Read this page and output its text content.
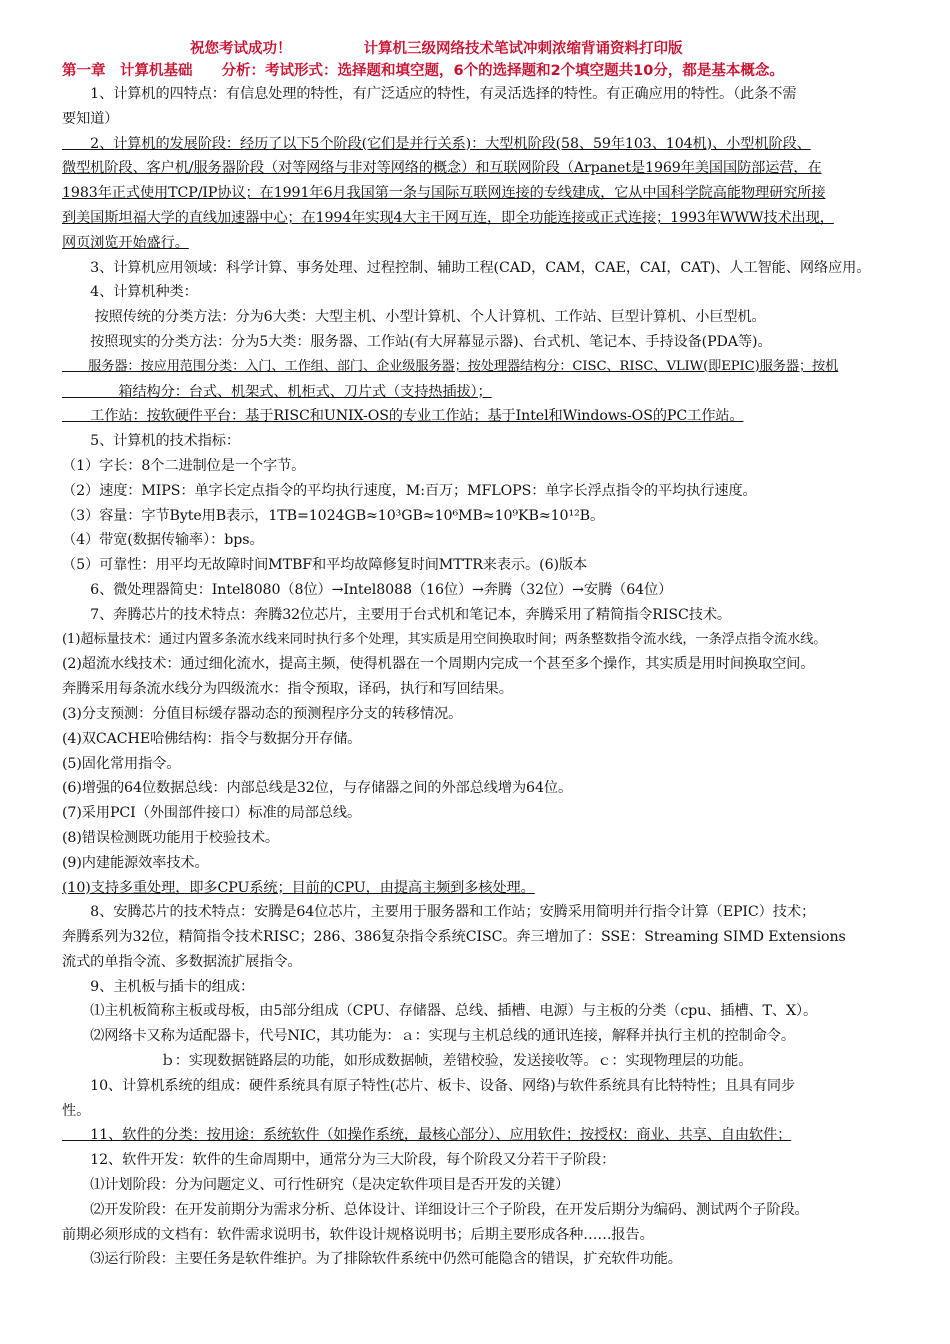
祝您考试成功！	计算机三级网络技术笔试冲刺浓缩背诵资料打印版
第一章　计算机基础　　分析：考试形式：选择题和填空题，6个的选择题和2个填空题共10分，都是基本概念。

　　1、计算机的四特点：有信息处理的特性，有广泛适应的特性，有灵活选择的特性。有正确应用的特性。（此条不需

要知道）

　　2、计算机的发展阶段：经历了以下5个阶段(它们是并行关系)：大型机阶段(58、59年103、104机)、小型机阶段、

微型机阶段、客户机/服务器阶段（对等网络与非对等网络的概念）和互联网阶段（Arpanet是1969年美国国防部运营，在

1983年正式使用TCP/IP协议；在1991年6月我国第一条与国际互联网连接的专线建成，它从中国科学院高能物理研究所接

到美国斯坦福大学的直线加速器中心；在1994年实现4大主干网互连，即全功能连接或正式连接；1993年WWW技术出现，

网页浏览开始盛行。

　　3、计算机应用领域：科学计算、事务处理、过程控制、辅助工程(CAD，CAM，CAE，CAI，CAT)、人工智能、网络应用。

　　4、计算机种类：

　　 按照传统的分类方法：分为6大类：大型主机、小型计算机、个人计算机、工作站、巨型计算机、小巨型机。

　　按照现实的分类方法：分为5大类：服务器、工作站(有大屏幕显示器)、台式机、笔记本、手持设备(PDA等)。

　　服务器：按应用范围分类：入门、工作组、部门、企业级服务器；按处理器结构分：CISC、RISC、VLIW(即EPIC)服务器；按机

　　　　箱结构分：台式、机架式、机柜式、刀片式（支持热插拔）；

　　工作站：按软硬件平台：基于RISC和UNIX-OS的专业工作站；基于Intel和Windows-OS的PC工作站。

　　5、计算机的技术指标：

（1）字长：8个二进制位是一个字节。

（2）速度：MIPS：单字长定点指令的平均执行速度，M:百万；MFLOPS：单字长浮点指令的平均执行速度。

（3）容量：字节Byte用B表示，1TB=1024GB≈10³GB≈10⁶MB≈10⁹KB≈10¹²B。

（4）带宽(数据传输率）：bps。

（5）可靠性：用平均无故障时间MTBF和平均故障修复时间MTTR来表示。(6)版本

　　6、微处理器简史：Intel8080（8位）→Intel8088（16位）→奔腾（32位）→安腾（64位）

　　7、奔腾芯片的技术特点：奔腾32位芯片，主要用于台式机和笔记本，奔腾采用了精简指令RISC技术。

(1)超标量技术：通过内置多条流水线来同时执行多个处理，其实质是用空间换取时间；两条整数指令流水线，一条浮点指令流水线。

(2)超流水线技术：通过细化流水，提高主频，使得机器在一个周期内完成一个甚至多个操作，其实质是用时间换取空间。

奔腾采用每条流水线分为四级流水：指令预取，译码，执行和写回结果。

(3)分支预测：分值目标缓存器动态的预测程序分支的转移情况。

(4)双CACHE哈佛结构：指令与数据分开存储。

(5)固化常用指令。

(6)增强的64位数据总线：内部总线是32位，与存储器之间的外部总线增为64位。

(7)采用PCI（外围部件接口）标准的局部总线。

(8)错误检测既功能用于校验技术。

(9)内建能源效率技术。

(10)支持多重处理，即多CPU系统；目前的CPU，由提高主频到多核处理。

　　8、安腾芯片的技术特点：安腾是64位芯片，主要用于服务器和工作站；安腾采用简明并行指令计算（EPIC）技术；

奔腾系列为32位，精简指令技术RISC；286、386复杂指令系统CISC。奔三增加了：SSE：Streaming SIMD Extensions

流式的单指令流、多数据流扩展指令。

　　9、主机板与插卡的组成：

　　⑴主机板简称主板或母板，由5部分组成（CPU、存储器、总线、插槽、电源）与主板的分类（cpu、插槽、T、X）。

　　⑵网络卡又称为适配器卡，代号NIC，其功能为：ａ：实现与主机总线的通讯连接，解释并执行主机的控制命令。

　　　　　　　ｂ：实现数据链路层的功能，如形成数据帧，差错校验，发送接收等。ｃ：实现物理层的功能。

　　10、计算机系统的组成：硬件系统具有原子特性(芯片、板卡、设备、网络)与软件系统具有比特特性；且具有同步

性。

　　11、软件的分类：按用途：系统软件（如操作系统，最核心部分）、应用软件；按授权：商业、共享、自由软件；

　　12、软件开发：软件的生命周期中，通常分为三大阶段，每个阶段又分若干子阶段：

　　⑴计划阶段：分为问题定义、可行性研究（是决定软件项目是否开发的关键）

　　⑵开发阶段：在开发前期分为需求分析、总体设计、详细设计三个子阶段，在开发后期分为编码、测试两个子阶段。

前期必须形成的文档有：软件需求说明书，软件设计规格说明书；后期主要形成各种……报告。

　　⑶运行阶段：主要任务是软件维护。为了排除软件系统中仍然可能隐含的错误，扩充软件功能。
